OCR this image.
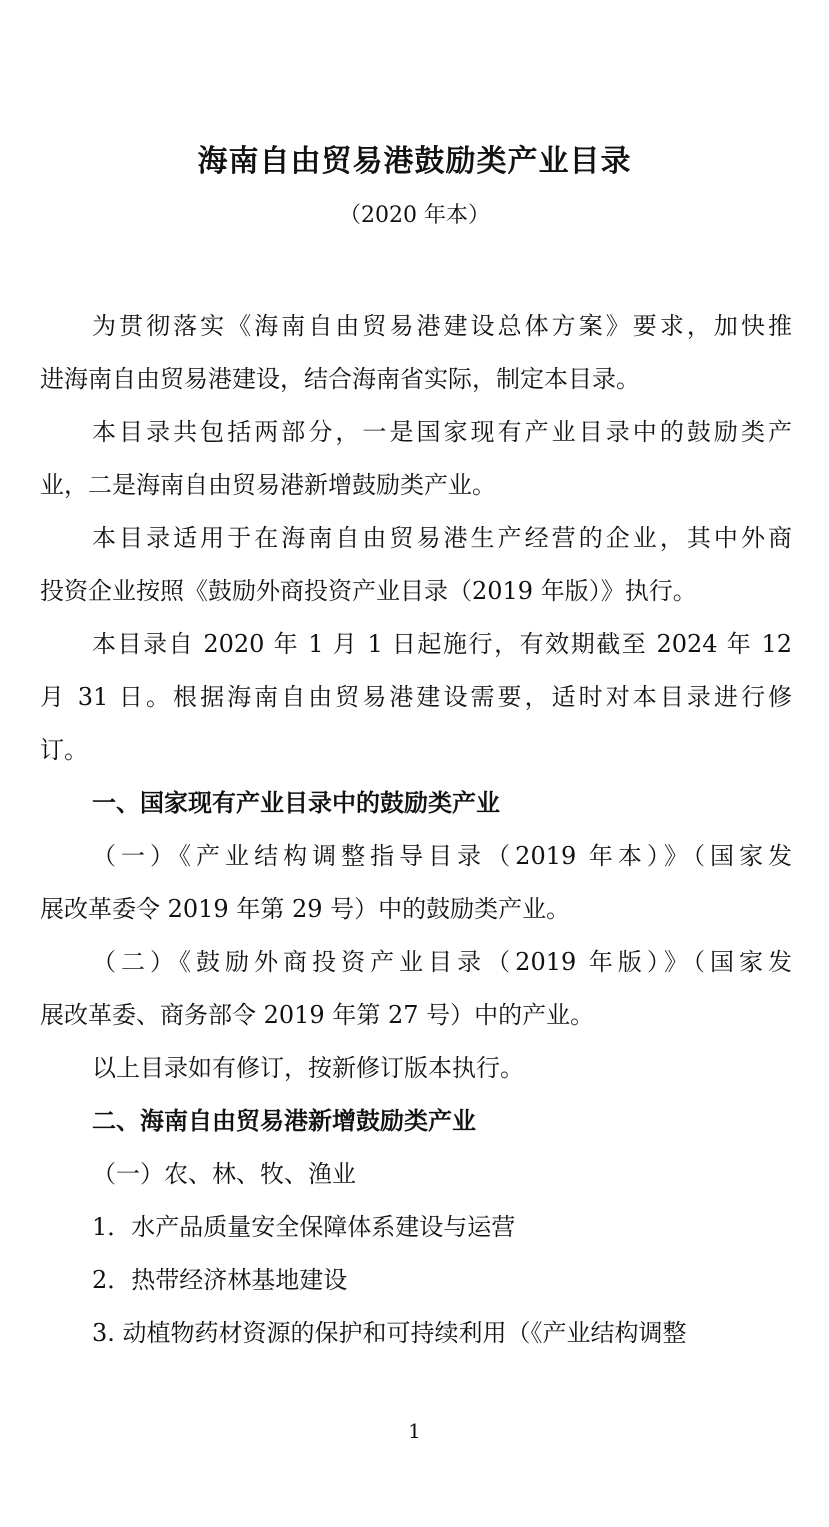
海南自由贸易港鼓励类产业目录
（2020 年本）
为贯彻落实《海南自由贸易港建设总体方案》要求，加快推
进海南自由贸易港建设，结合海南省实际，制定本目录。
本目录共包括两部分，一是国家现有产业目录中的鼓励类产
业，二是海南自由贸易港新增鼓励类产业。
本目录适用于在海南自由贸易港生产经营的企业，其中外商
投资企业按照《鼓励外商投资产业目录（2019 年版）》执行。
本目录自 2020 年 1 月 1 日起施行，有效期截至 2024 年 12
月 31 日。根据海南自由贸易港建设需要，适时对本目录进行修
订。
一、国家现有产业目录中的鼓励类产业
（一）《产业结构调整指导目录（2019 年本）》（国家发
展改革委令 2019 年第 29 号）中的鼓励类产业。
（二）《鼓励外商投资产业目录（2019 年版）》（国家发
展改革委、商务部令 2019 年第 27 号）中的产业。
以上目录如有修订，按新修订版本执行。
二、海南自由贸易港新增鼓励类产业
（一）农、林、牧、渔业
1．水产品质量安全保障体系建设与运营
2．热带经济林基地建设
3. 动植物药材资源的保护和可持续利用（《产业结构调整
1
